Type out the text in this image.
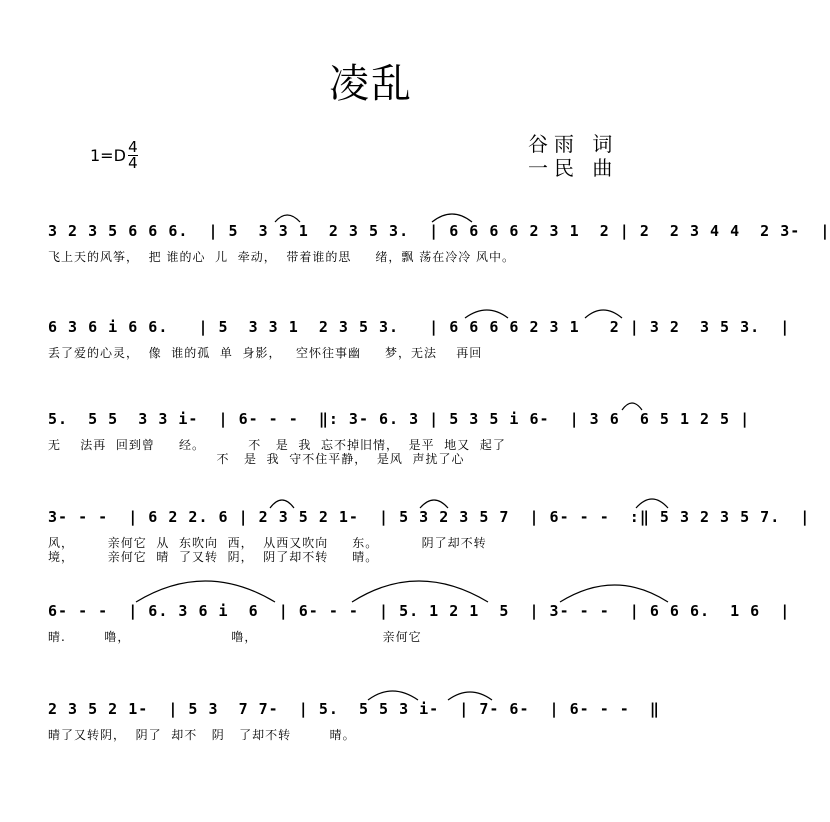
凌乱
$1=D \frac{4}{4}$	谷雨 词
一民 曲
3 2 3 5 6 6 6.  | 5  3 3 1  2 3 5 3.  | 6 6 6 6 2 3 1  2 | 2  2 3 4 4  2 3-  |
飞上天的风筝，  把 谁的心  儿  牵动，  带着谁的思     绪，飘 荡在冷冷 风中。
6 3 6 i 6 6.   | 5  3 3 1  2 3 5 3.   | 6 6 6 6 2 3 1   2 | 3 2  3 5 3.  |
丢了爱的心灵，  像  谁的孤  单  身影，   空怀往事幽     梦，无法    再回
5.  5 5  3 3 i-  | 6- - -  ‖: 3- 6. 3 | 5 3 5 i 6-  | 3 6  6 5 1 2 5 |
无    法再  回到曾     经。         不   是  我  忘不掉旧情，  是平  地又  起了
不   是  我  守不住平静，  是风  声扰了心
3- - -  | 6 2 2. 6 | 2 3 5 2 1-  | 5 3 2 3 5 7  | 6- - -  :‖ 5 3 2 3 5 7.  |
风，       亲何它  从  东吹向  西，  从西又吹向     东。         阴了却不转
境，       亲何它  晴  了又转  阴，  阴了却不转     晴。
6- - -  | 6. 3 6 i  6  | 6- - -  | 5. 1 2 1  5  | 3- - -  | 6 6 6.  1 6  |
晴.        噜，                     噜，                          亲何它
2 3 5 2 1-  | 5 3  7 7-  | 5.  5 5 3 i-  | 7- 6-  | 6- - -  ‖
晴了又转阴，  阴了  却不   阴   了却不转        晴。
